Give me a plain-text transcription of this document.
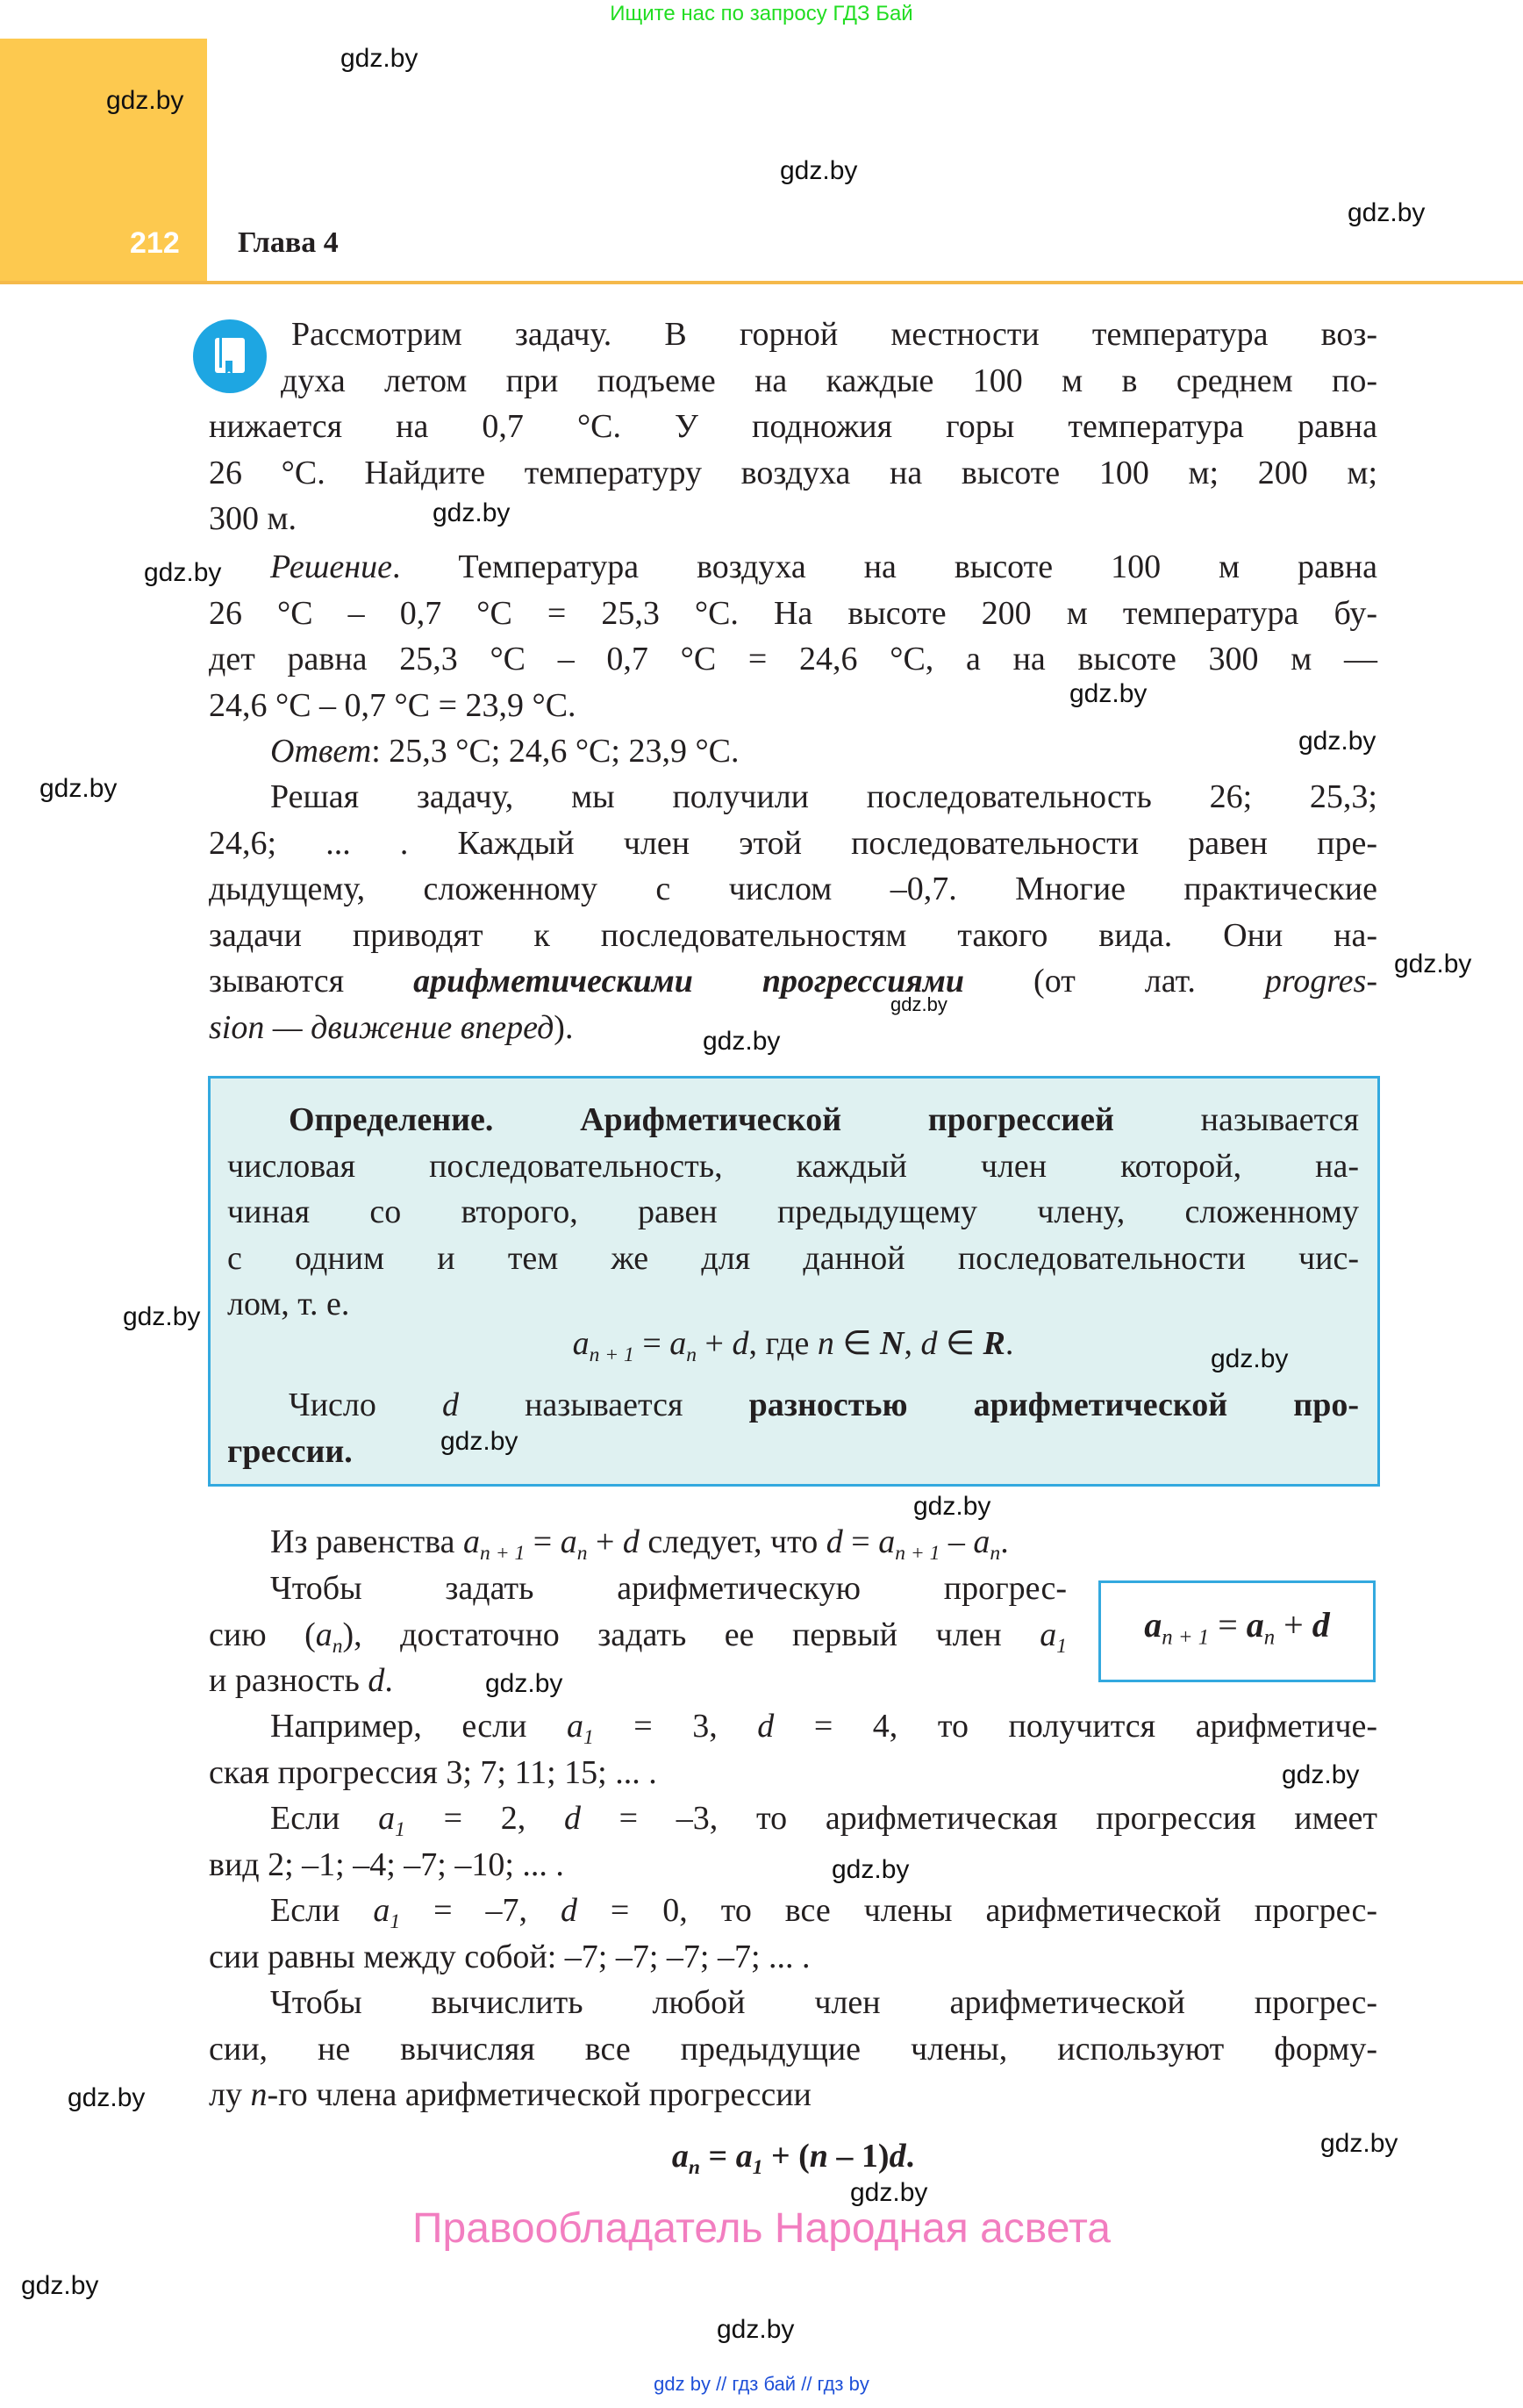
Ищите нас по запросу ГДЗ Бай
212 Глава 4
Рассмотрим задачу. В горной местности температура воз-
духа летом при подъеме на каждые 100 м в среднем по-
нижается на 0,7 °С. У подножия горы температура равна
26 °С. Найдите температуру воздуха на высоте 100 м; 200 м;
300 м.
Решение. Температура воздуха на высоте 100 м равна
26 °С – 0,7 °С = 25,3 °С. На высоте 200 м температура бу-
дет равна 25,3 °С – 0,7 °С = 24,6 °С, а на высоте 300 м —
24,6 °С – 0,7 °С = 23,9 °С.
Ответ: 25,3 °С; 24,6 °С; 23,9 °С.
Решая задачу, мы получили последовательность 26; 25,3;
24,6; ... . Каждый член этой последовательности равен пре-
дыдущему, сложенному с числом –0,7. Многие практические
задачи приводят к последовательностям такого вида. Они на-
зываются арифметическими прогрессиями (от лат. progres-
sion — движение вперед).
Определение. Арифметической прогрессией называется
числовая последовательность, каждый член которой, на-
чиная со второго, равен предыдущему члену, сложенному
с одним и тем же для данной последовательности чис-
лом, т. е.
$a_{n + 1} = a_n + d$, где n ∈ N, d ∈ R.
Число d называется разностью арифметической про-
грессии.
Из равенства $a_{n + 1} = a_n + d$ следует, что $d = a_{n + 1} - a_n$.
Чтобы задать арифметическую прогрес-
сию $(a_n)$, достаточно задать ее первый член $a_1$
и разность d.
$a_{n + 1} = a_n + d$
Например, если $a_1 = 3$, d = 4, то получится арифметиче-
ская прогрессия 3; 7; 11; 15; ... .
Если $a_1 = 2$, d = –3, то арифметическая прогрессия имеет
вид 2; –1; –4; –7; –10; ... .
Если $a_1 = -7$, d = 0, то все члены арифметической прогрес-
сии равны между собой: –7; –7; –7; –7; ... .
Чтобы вычислить любой член арифметической прогрес-
сии, не вычисляя все предыдущие члены, используют форму-
лу n-го члена арифметической прогрессии
$a_n = a_1 + (n - 1)d$.
Правообладатель Народная асвета
gdz by // гдз бай // гдз by
gdz.by
gdz.by
gdz.by
gdz.by
gdz.by
gdz.by
gdz.by
gdz.by
gdz.by
gdz.by
gdz.by
gdz.by
gdz.by
gdz.by
gdz.by
gdz.by
gdz.by
gdz.by
gdz.by
gdz.by
gdz.by
gdz.by
gdz.by
gdz.by
